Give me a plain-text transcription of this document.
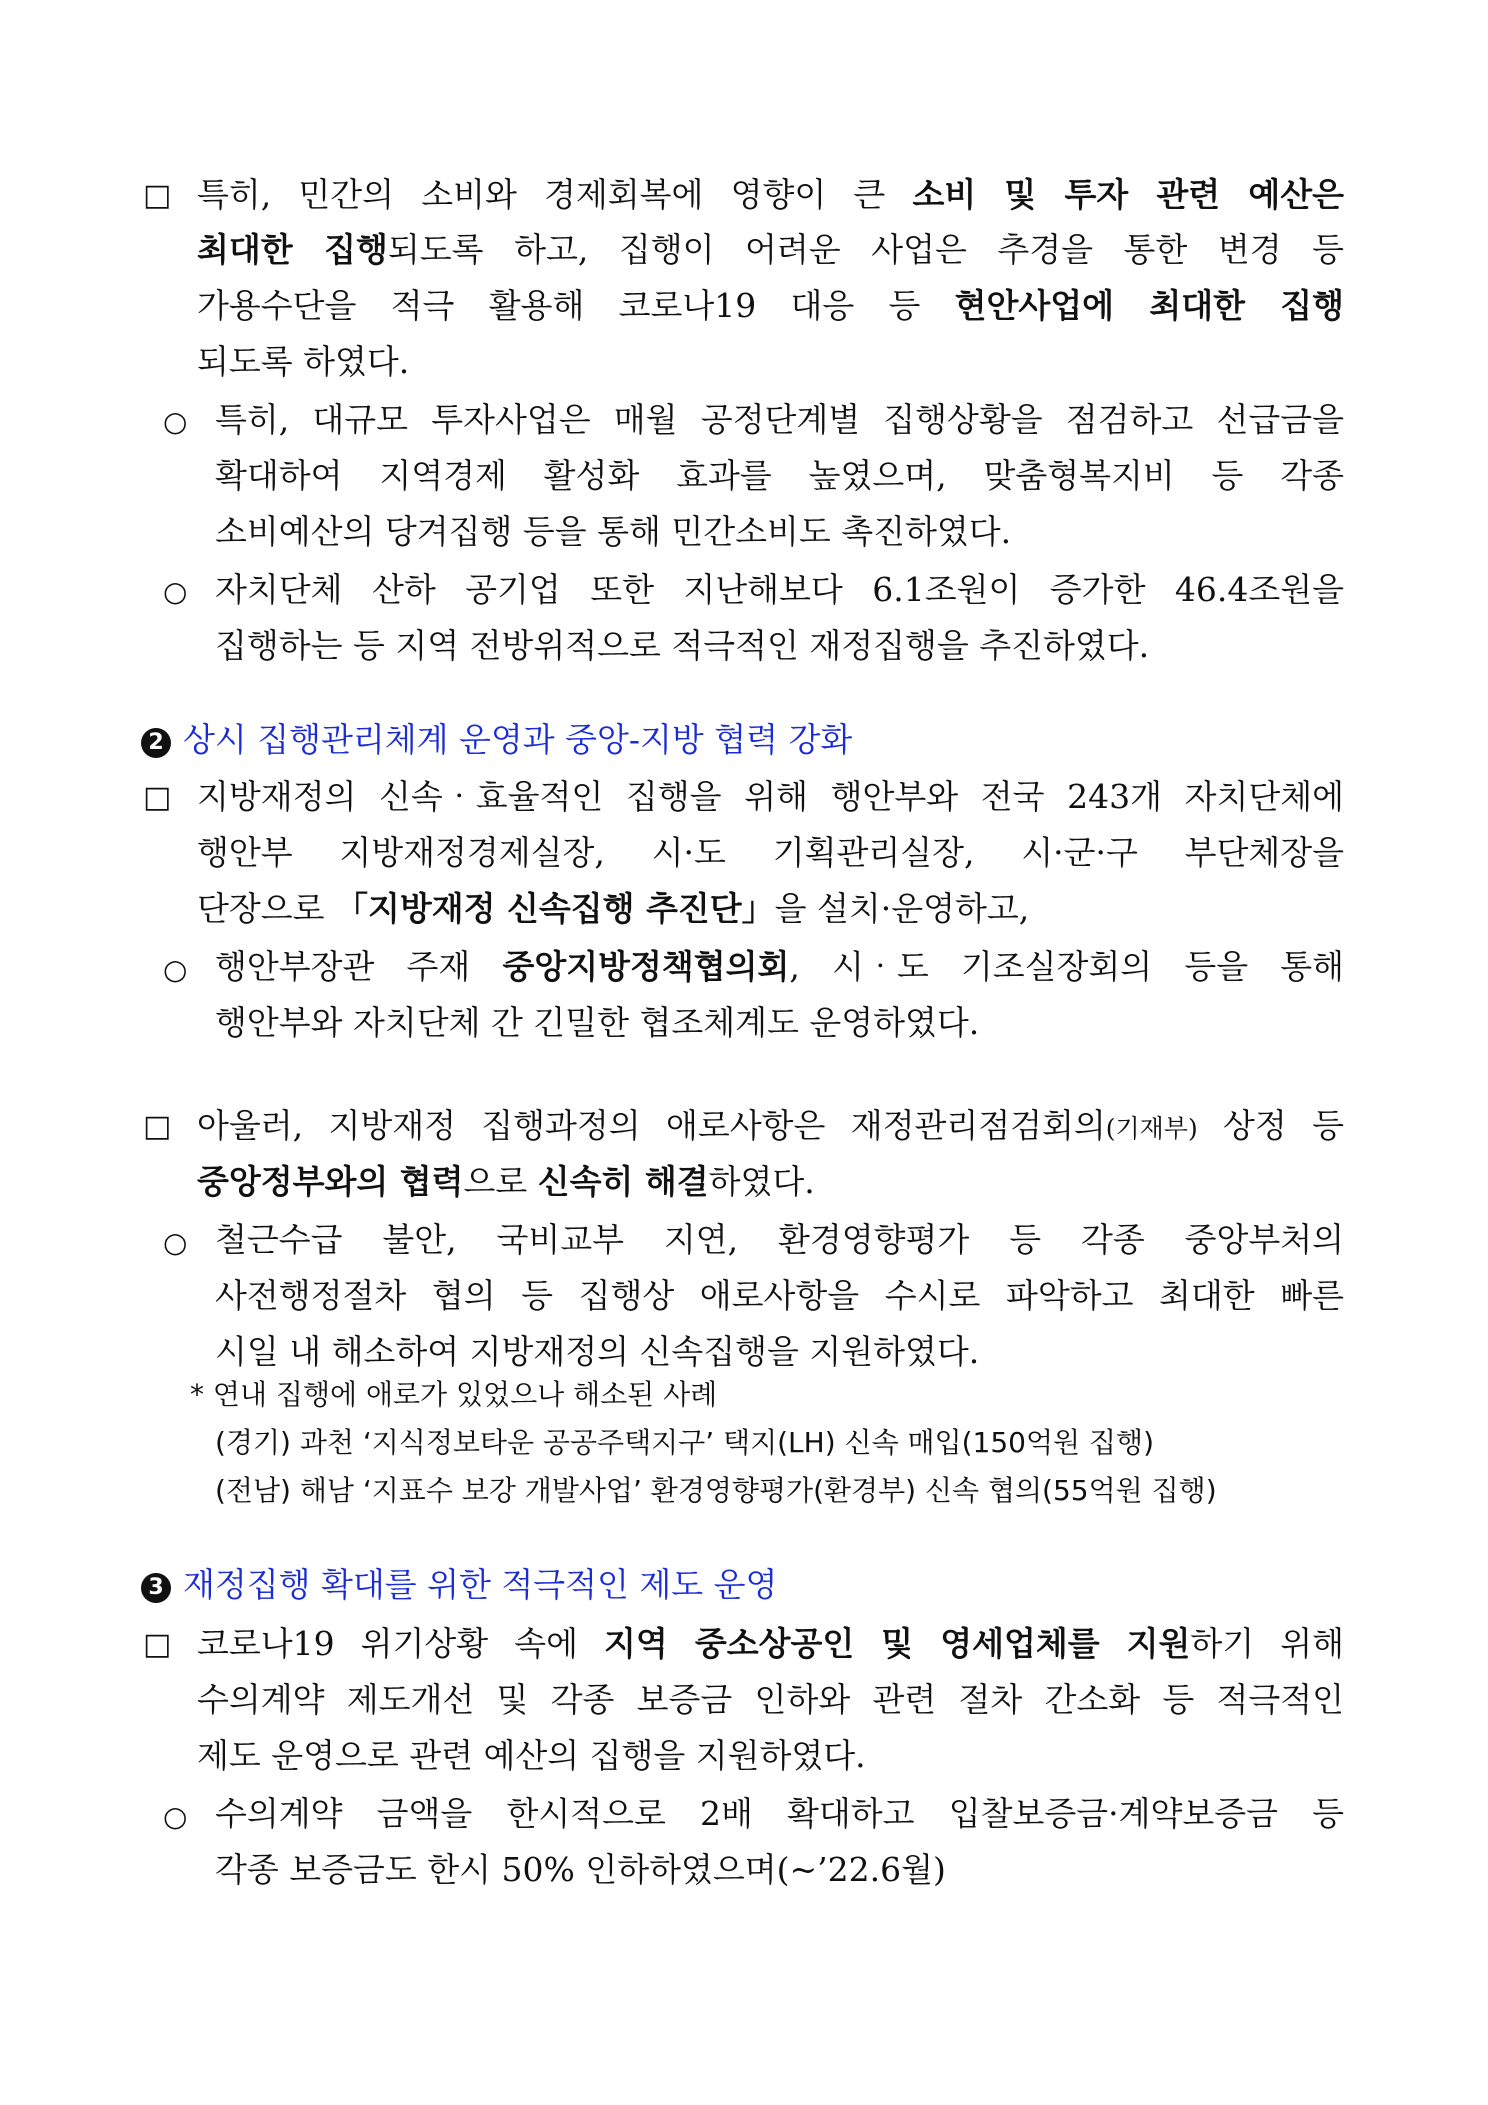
□ 특히, 민간의 소비와 경제회복에 영향이 큰 소비 및 투자 관련 예산은
최대한 집행되도록 하고, 집행이 어려운 사업은 추경을 통한 변경 등
가용수단을 적극 활용해 코로나19 대응 등 현안사업에 최대한 집행
되도록 하였다.
○ 특히, 대규모 투자사업은 매월 공정단계별 집행상황을 점검하고 선급금을
확대하여 지역경제 활성화 효과를 높였으며, 맞춤형복지비 등 각종
소비예산의 당겨집행 등을 통해 민간소비도 촉진하였다.
○ 자치단체 산하 공기업 또한 지난해보다 6.1조원이 증가한 46.4조원을
집행하는 등 지역 전방위적으로 적극적인 재정집행을 추진하였다.
2 상시 집행관리체계 운영과 중앙-지방 협력 강화
□ 지방재정의 신속‧효율적인 집행을 위해 행안부와 전국 243개 자치단체에
행안부 지방재정경제실장, 시·도 기획관리실장, 시·군·구 부단체장을
단장으로 「지방재정 신속집행 추진단」을 설치·운영하고,
○ 행안부장관 주재 중앙지방정책협의회, 시‧도 기조실장회의 등을 통해
행안부와 자치단체 간 긴밀한 협조체계도 운영하였다.
□ 아울러, 지방재정 집행과정의 애로사항은 재정관리점검회의(기재부) 상정 등
중앙정부와의 협력으로 신속히 해결하였다.
○ 철근수급 불안, 국비교부 지연, 환경영향평가 등 각종 중앙부처의
사전행정절차 협의 등 집행상 애로사항을 수시로 파악하고 최대한 빠른
시일 내 해소하여 지방재정의 신속집행을 지원하였다.
* 연내 집행에 애로가 있었으나 해소된 사례
(경기) 과천 ‘지식정보타운 공공주택지구’ 택지(LH) 신속 매입(150억원 집행)
(전남) 해남 ‘지표수 보강 개발사업’ 환경영향평가(환경부) 신속 협의(55억원 집행)
3 재정집행 확대를 위한 적극적인 제도 운영
□ 코로나19 위기상황 속에 지역 중소상공인 및 영세업체를 지원하기 위해
수의계약 제도개선 및 각종 보증금 인하와 관련 절차 간소화 등 적극적인
제도 운영으로 관련 예산의 집행을 지원하였다.
○ 수의계약 금액을 한시적으로 2배 확대하고 입찰보증금·계약보증금 등
각종 보증금도 한시 50% 인하하였으며(~’22.6월)
